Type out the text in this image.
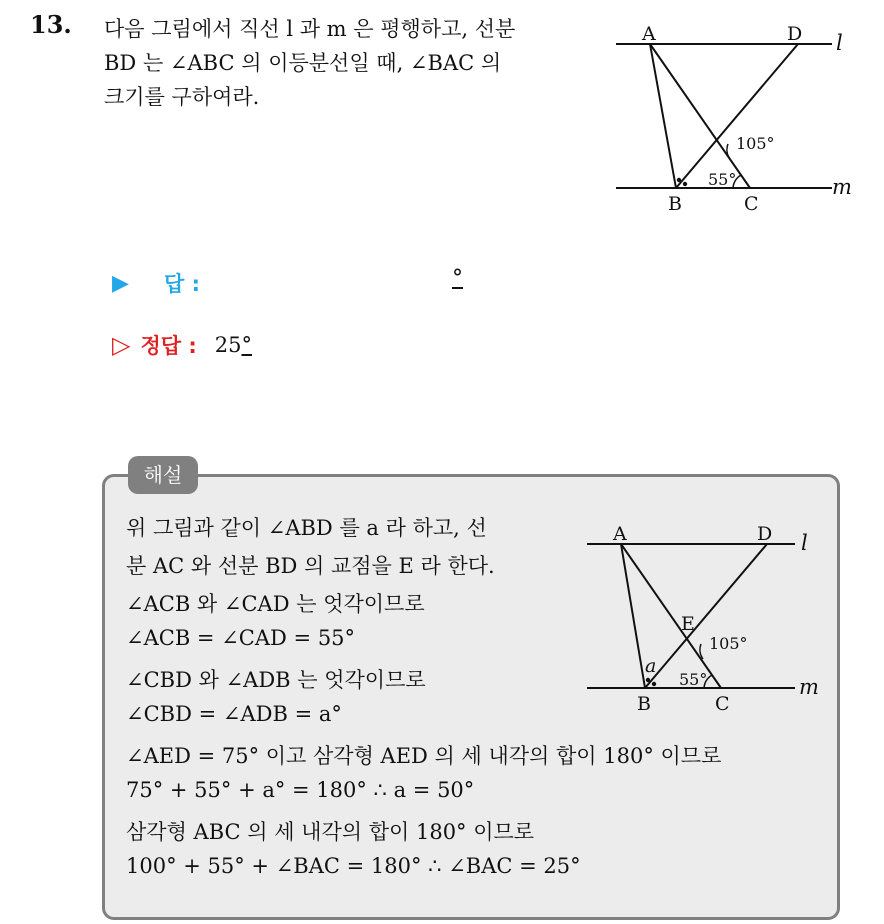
13. 다음 그림에서 직선 l 과 m 은 평행하고, 선분
BD 는 ∠ABC 의 이등분선일 때, ∠BAC 의
크기를 구하여라.
A	D
B	C
l
m
105°
55°
▶	답 :	°
▷ 정답 : 25°
해설
위 그림과 같이 ∠ABD 를 a 라 하고, 선
분 AC 와 선분 BD 의 교점을 E 라 한다.
∠ACB 와 ∠CAD 는 엇각이므로
∠ACB = ∠CAD = 55°
∠CBD 와 ∠ADB 는 엇각이므로
∠CBD = ∠ADB = a°
∠AED = 75° 이고 삼각형 AED 의 세 내각의 합이 180° 이므로
75° + 55° + a° = 180° ∴ a = 50°
삼각형 ABC 의 세 내각의 합이 180° 이므로
100° + 55° + ∠BAC = 180° ∴ ∠BAC = 25°
A	D
E
B	C
l
m
a
105°
55°
